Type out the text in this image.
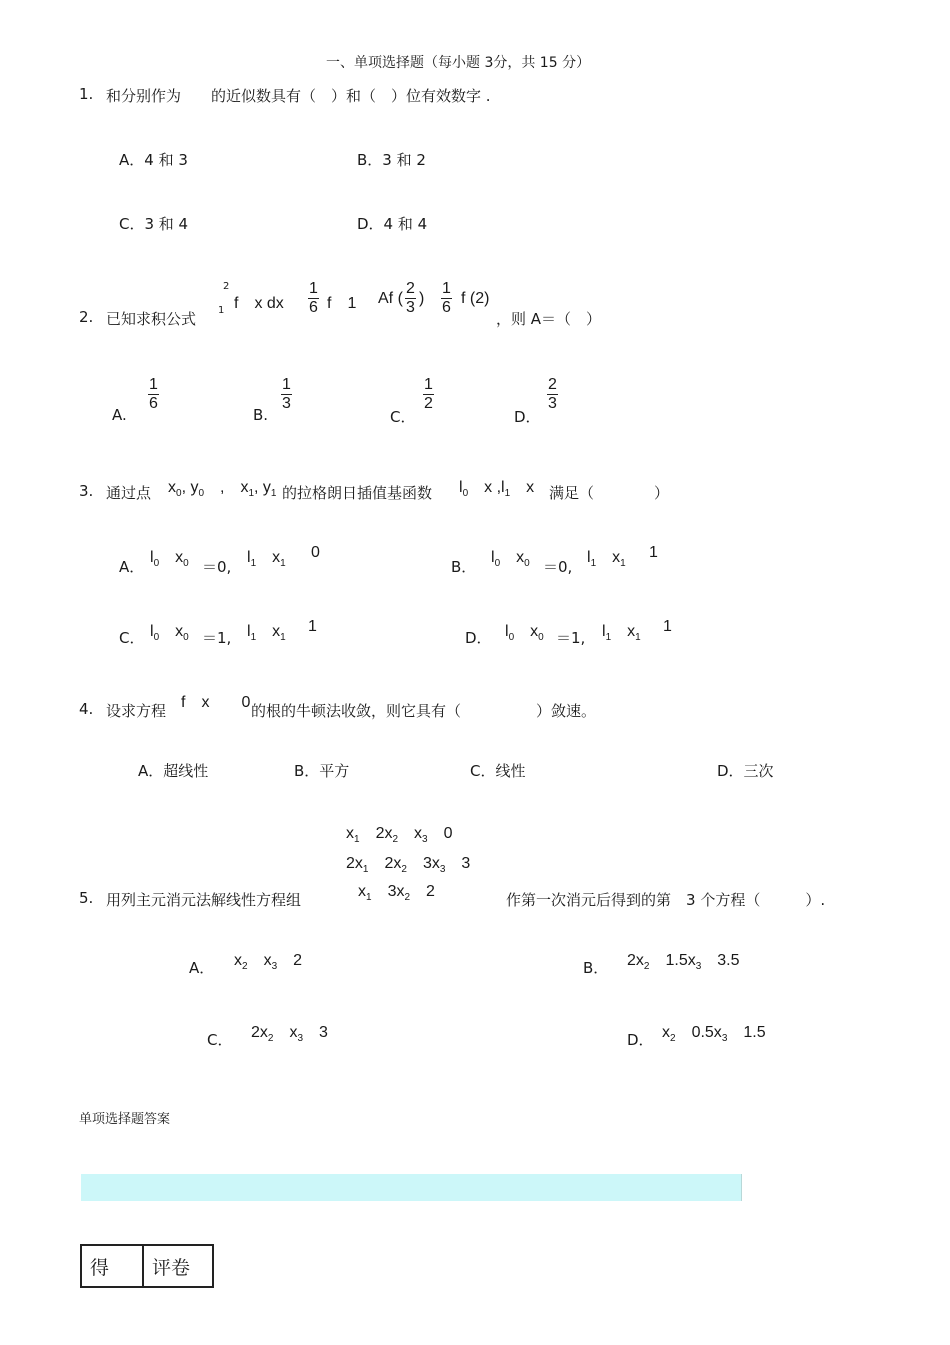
一、单项选择题（每小题 3分，共 15 分）
1. 和分别作为 的近似数具有（　）和（　）位有效数字 .
A．4 和 3	B．3 和 2
C．3 和 4	D．4 和 4
2. 已知求积公式
2
1 f　x dx $\frac{1}{6}$ f　1 Af ( $\frac{2}{3}$ ) $\frac{1}{6}$ f (2)
，则 A＝（　）
A.
$\frac{1}{6}$
B.
$\frac{1}{3}$
C．
$\frac{1}{2}$
D．
$\frac{2}{3}$
3. 通过点 $x_0$, $y_0$　,　$x_1$, $y_1$ 的拉格朗日插值基函数 $l_0$　 x $,l_1$　 x 满足（　　　　）
A．
$l_0$　 $x_0 =0$,
$l_1$　 $x_1$
0
B．
$l_0$　 $x_0 =0$,
$l_1$　 $x_1$
1
C． $l_0$　 $x_0 =1$, $l_1$　 $x_1$
1
D． $l_0$　 $x_0 =1$, $l_1$　 $x_1$
1
4. 设求方程 f　x　　0 的根的牛顿法收敛，则它具有（　　　　　）敛速。
A．超线性	B．平方	C．线性	D．三次
$x_1$　$2x_2$　$x_3$　0
$2x_1$　$2x_2$　$3x_3$　3
$x_1$　$3x_2$　2
5. 用列主元消元法解线性方程组	作第一次消元后得到的第　3 个方程（　　　）.
A． $x_2$　$x_3$　2	B． $2x_2$　$1.5x_3$　3.5
C． $2x_2$　$x_3$　3	D． $x_2$　$0.5x_3$　1.5
单项选择题答案
得	评卷
